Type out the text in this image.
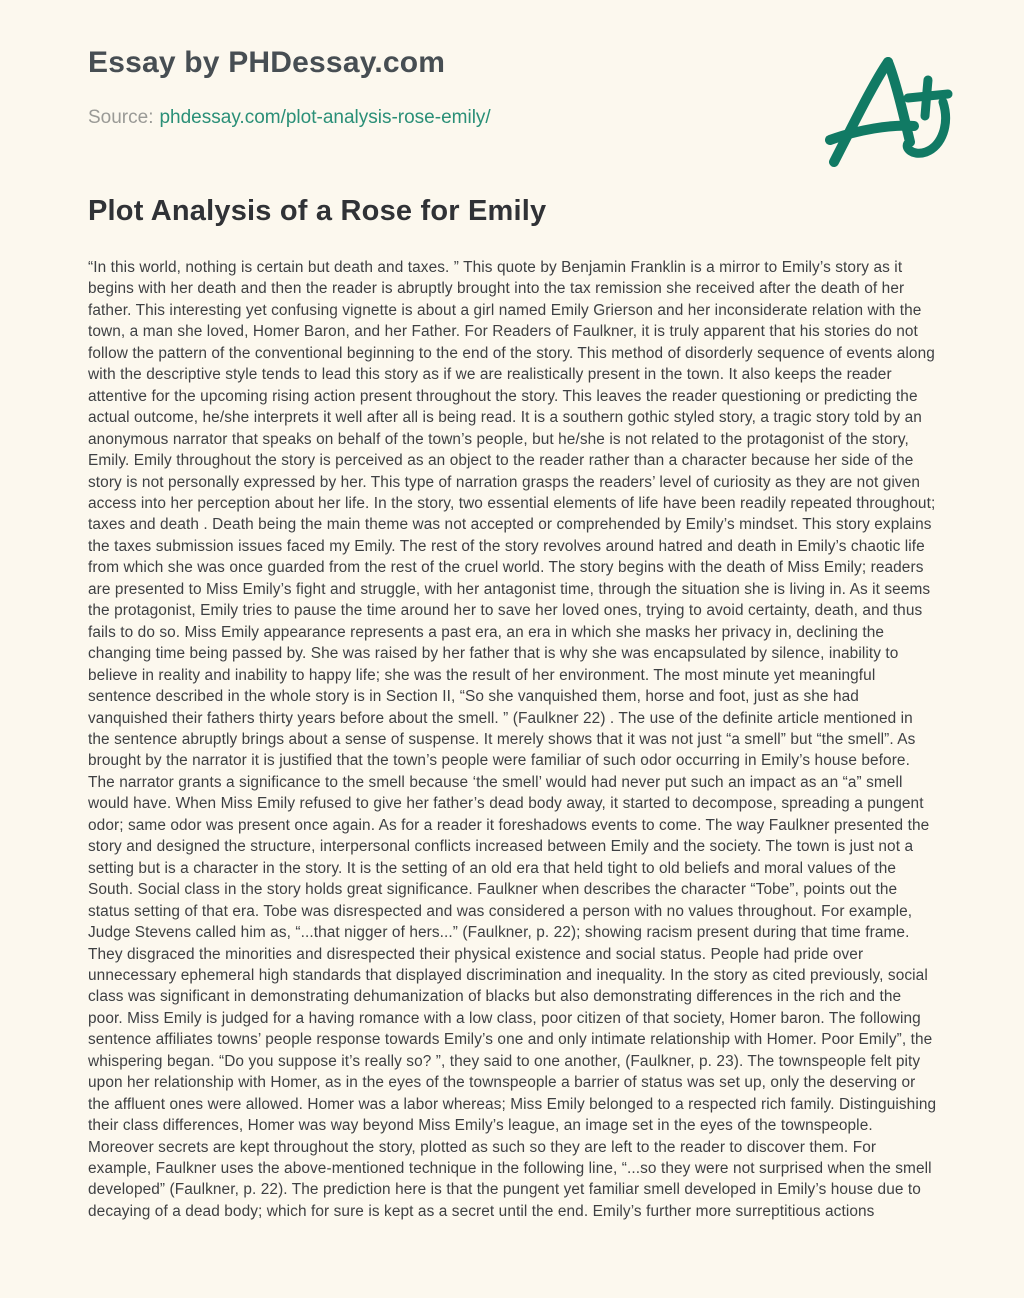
Essay by PHDessay.com
Source: phdessay.com/plot-analysis-rose-emily/
Plot Analysis of a Rose for Emily

“In this world, nothing is certain but death and taxes. ” This quote by Benjamin Franklin is a mirror to Emily’s story as it begins with her death and then the reader is abruptly brought into the tax remission she received after the death of her father. This interesting yet confusing vignette is about a girl named Emily Grierson and her inconsiderate relation with the town, a man she loved, Homer Baron, and her Father. For Readers of Faulkner, it is truly apparent that his stories do not follow the pattern of the conventional beginning to the end of the story. This method of disorderly sequence of events along with the descriptive style tends to lead this story as if we are realistically present in the town. It also keeps the reader attentive for the upcoming rising action present throughout the story. This leaves the reader questioning or predicting the actual outcome, he/she interprets it well after all is being read. It is a southern gothic styled story, a tragic story told by an anonymous narrator that speaks on behalf of the town’s people, but he/she is not related to the protagonist of the story, Emily. Emily throughout the story is perceived as an object to the reader rather than a character because her side of the story is not personally expressed by her. This type of narration grasps the readers’ level of curiosity as they are not given access into her perception about her life. In the story, two essential elements of life have been readily repeated throughout; taxes and death . Death being the main theme was not accepted or comprehended by Emily’s mindset. This story explains the taxes submission issues faced my Emily. The rest of the story revolves around hatred and death in Emily’s chaotic life from which she was once guarded from the rest of the cruel world. The story begins with the death of Miss Emily; readers are presented to Miss Emily’s fight and struggle, with her antagonist time, through the situation she is living in. As it seems the protagonist, Emily tries to pause the time around her to save her loved ones, trying to avoid certainty, death, and thus fails to do so. Miss Emily appearance represents a past era, an era in which she masks her privacy in, declining the changing time being passed by. She was raised by her father that is why she was encapsulated by silence, inability to believe in reality and inability to happy life; she was the result of her environment. The most minute yet meaningful sentence described in the whole story is in Section II, “So she vanquished them, horse and foot, just as she had vanquished their fathers thirty years before about the smell. ” (Faulkner 22) . The use of the definite article mentioned in the sentence abruptly brings about a sense of suspense. It merely shows that it was not just “a smell” but “the smell”. As brought by the narrator it is justified that the town’s people were familiar of such odor occurring in Emily’s house before. The narrator grants a significance to the smell because ‘the smell’ would had never put such an impact as an “a” smell would have. When Miss Emily refused to give her father’s dead body away, it started to decompose, spreading a pungent odor; same odor was present once again. As for a reader it foreshadows events to come. The way Faulkner presented the story and designed the structure, interpersonal conflicts increased between Emily and the society. The town is just not a setting but is a character in the story. It is the setting of an old era that held tight to old beliefs and moral values of the South. Social class in the story holds great significance. Faulkner when describes the character “Tobe”, points out the status setting of that era. Tobe was disrespected and was considered a person with no values throughout. For example, Judge Stevens called him as, “...that nigger of hers...” (Faulkner, p. 22); showing racism present during that time frame. They disgraced the minorities and disrespected their physical existence and social status. People had pride over unnecessary ephemeral high standards that displayed discrimination and inequality. In the story as cited previously, social class was significant in demonstrating dehumanization of blacks but also demonstrating differences in the rich and the poor. Miss Emily is judged for a having romance with a low class, poor citizen of that society, Homer baron. The following sentence affiliates towns’ people response towards Emily’s one and only intimate relationship with Homer. Poor Emily”, the whispering began. “Do you suppose it’s really so? ”, they said to one another, (Faulkner, p. 23). The townspeople felt pity upon her relationship with Homer, as in the eyes of the townspeople a barrier of status was set up, only the deserving or the affluent ones were allowed. Homer was a labor whereas; Miss Emily belonged to a respected rich family. Distinguishing their class differences, Homer was way beyond Miss Emily’s league, an image set in the eyes of the townspeople. Moreover secrets are kept throughout the story, plotted as such so they are left to the reader to discover them. For example, Faulkner uses the above-mentioned technique in the following line, “...so they were not surprised when the smell developed” (Faulkner, p. 22). The prediction here is that the pungent yet familiar smell developed in Emily’s house due to decaying of a dead body; which for sure is kept as a secret until the end. Emily’s further more surreptitious actions
